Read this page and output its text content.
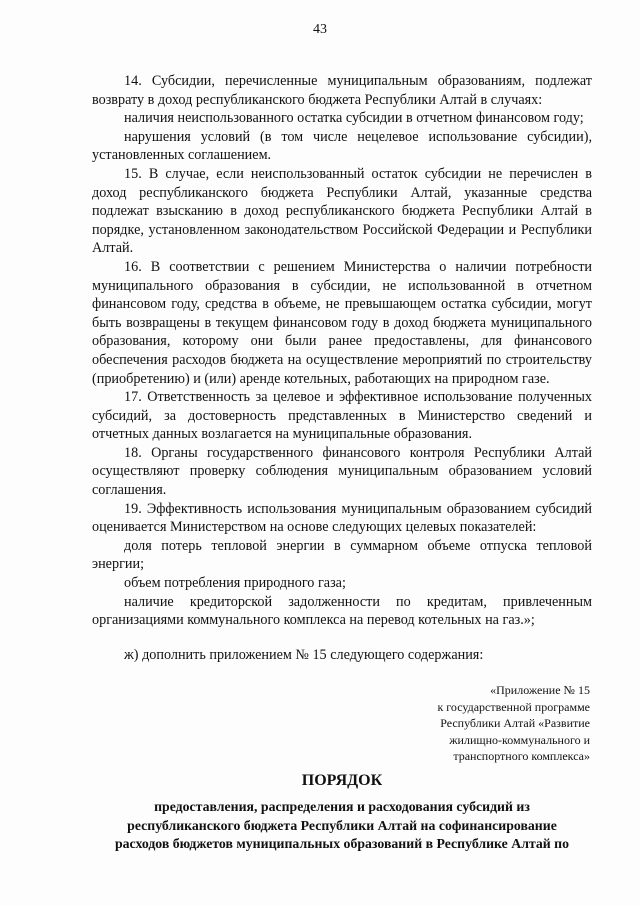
43

14. Субсидии, перечисленные муниципальным образованиям, подлежат возврату в доход республиканского бюджета Республики Алтай в случаях:

наличия неиспользованного остатка субсидии в отчетном финансовом году;

нарушения условий (в том числе нецелевое использование субсидии), установленных соглашением.

15. В случае, если неиспользованный остаток субсидии не перечислен в доход республиканского бюджета Республики Алтай, указанные средства подлежат взысканию в доход республиканского бюджета Республики Алтай в порядке, установленном законодательством Российской Федерации и Республики Алтай.

16. В соответствии с решением Министерства о наличии потребности муниципального образования в субсидии, не использованной в отчетном финансовом году, средства в объеме, не превышающем остатка субсидии, могут быть возвращены в текущем финансовом году в доход бюджета муниципального образования, которому они были ранее предоставлены, для финансового обеспечения расходов бюджета на осуществление мероприятий по строительству (приобретению) и (или) аренде котельных, работающих на природном газе.

17. Ответственность за целевое и эффективное использование полученных субсидий, за достоверность представленных в Министерство сведений и отчетных данных возлагается на муниципальные образования.

18. Органы государственного финансового контроля Республики Алтай осуществляют проверку соблюдения муниципальным образованием условий соглашения.

19. Эффективность использования муниципальным образованием субсидий оценивается Министерством на основе следующих целевых показателей:

доля потерь тепловой энергии в суммарном объеме отпуска тепловой энергии;

объем потребления природного газа;

наличие кредиторской задолженности по кредитам, привлеченным организациями коммунального комплекса на перевод котельных на газ.»;

ж) дополнить приложением № 15 следующего содержания:

«Приложение № 15
к государственной программе
Республики Алтай «Развитие
жилищно-коммунального и
транспортного комплекса»
ПОРЯДОК
предоставления, распределения и расходования субсидий из
республиканского бюджета Республики Алтай на софинансирование
расходов бюджетов муниципальных образований в Республике Алтай по
